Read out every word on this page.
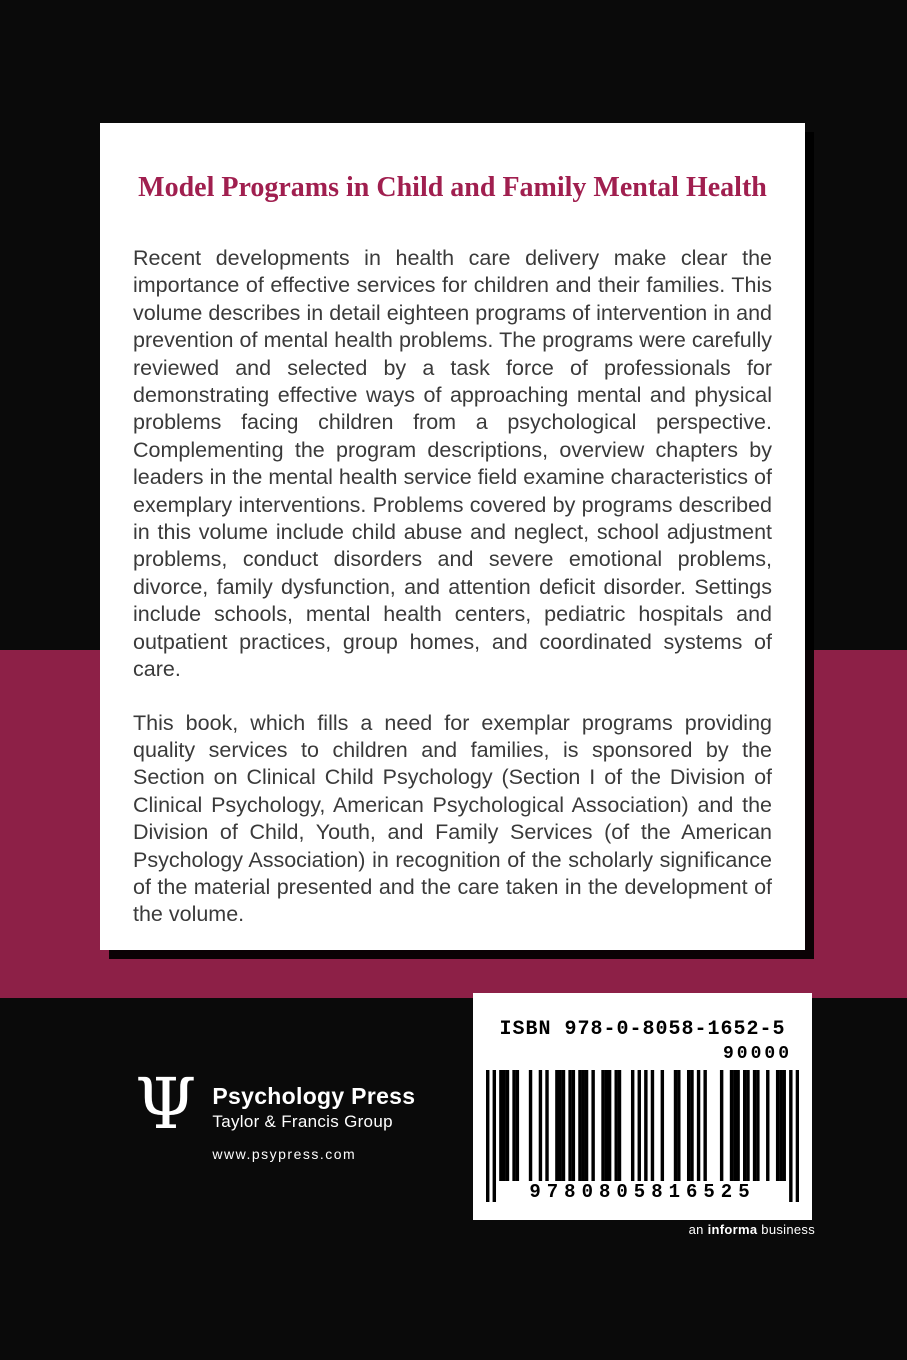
Model Programs in Child and Family Mental Health

Recent developments in health care delivery make clear the importance of effective services for children and their families. This volume describes in detail eighteen programs of intervention in and prevention of mental health problems. The programs were carefully reviewed and selected by a task force of professionals for demonstrating effective ways of approaching mental and physical problems facing children from a psychological perspective. Complementing the program descriptions, overview chapters by leaders in the mental health service field examine characteristics of exemplary interventions. Problems covered by programs described in this volume include child abuse and neglect, school adjustment problems, conduct disorders and severe emotional problems, divorce, family dysfunction, and attention deficit disorder. Settings include schools, mental health centers, pediatric hospitals and outpatient practices, group homes, and coordinated systems of care.

This book, which fills a need for exemplar programs providing quality services to children and families, is sponsored by the Section on Clinical Child Psychology (Section I of the Division of Clinical Psychology, American Psychological Association) and the Division of Child, Youth, and Family Services (of the American Psychology Association) in recognition of the scholarly significance of the material presented and the care taken in the development of the volume.

Ψ Psychology Press
Taylor & Francis Group
www.psypress.com
ISBN 978-0-8058-1652-5
90000
9780805816525
an informa business
